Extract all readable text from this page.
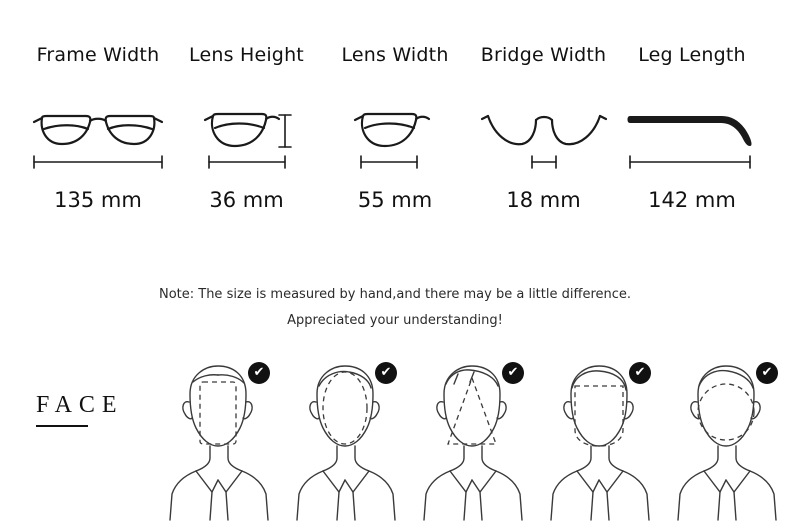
Frame Width
135 mm
Lens Height
36 mm
Lens Width
55 mm
Bridge Width
18 mm
Leg Length
142 mm
Note: The size is measured by hand,and there may be a little difference.
Appreciated your understanding!
FACE
✔	✔	✔	✔	✔
